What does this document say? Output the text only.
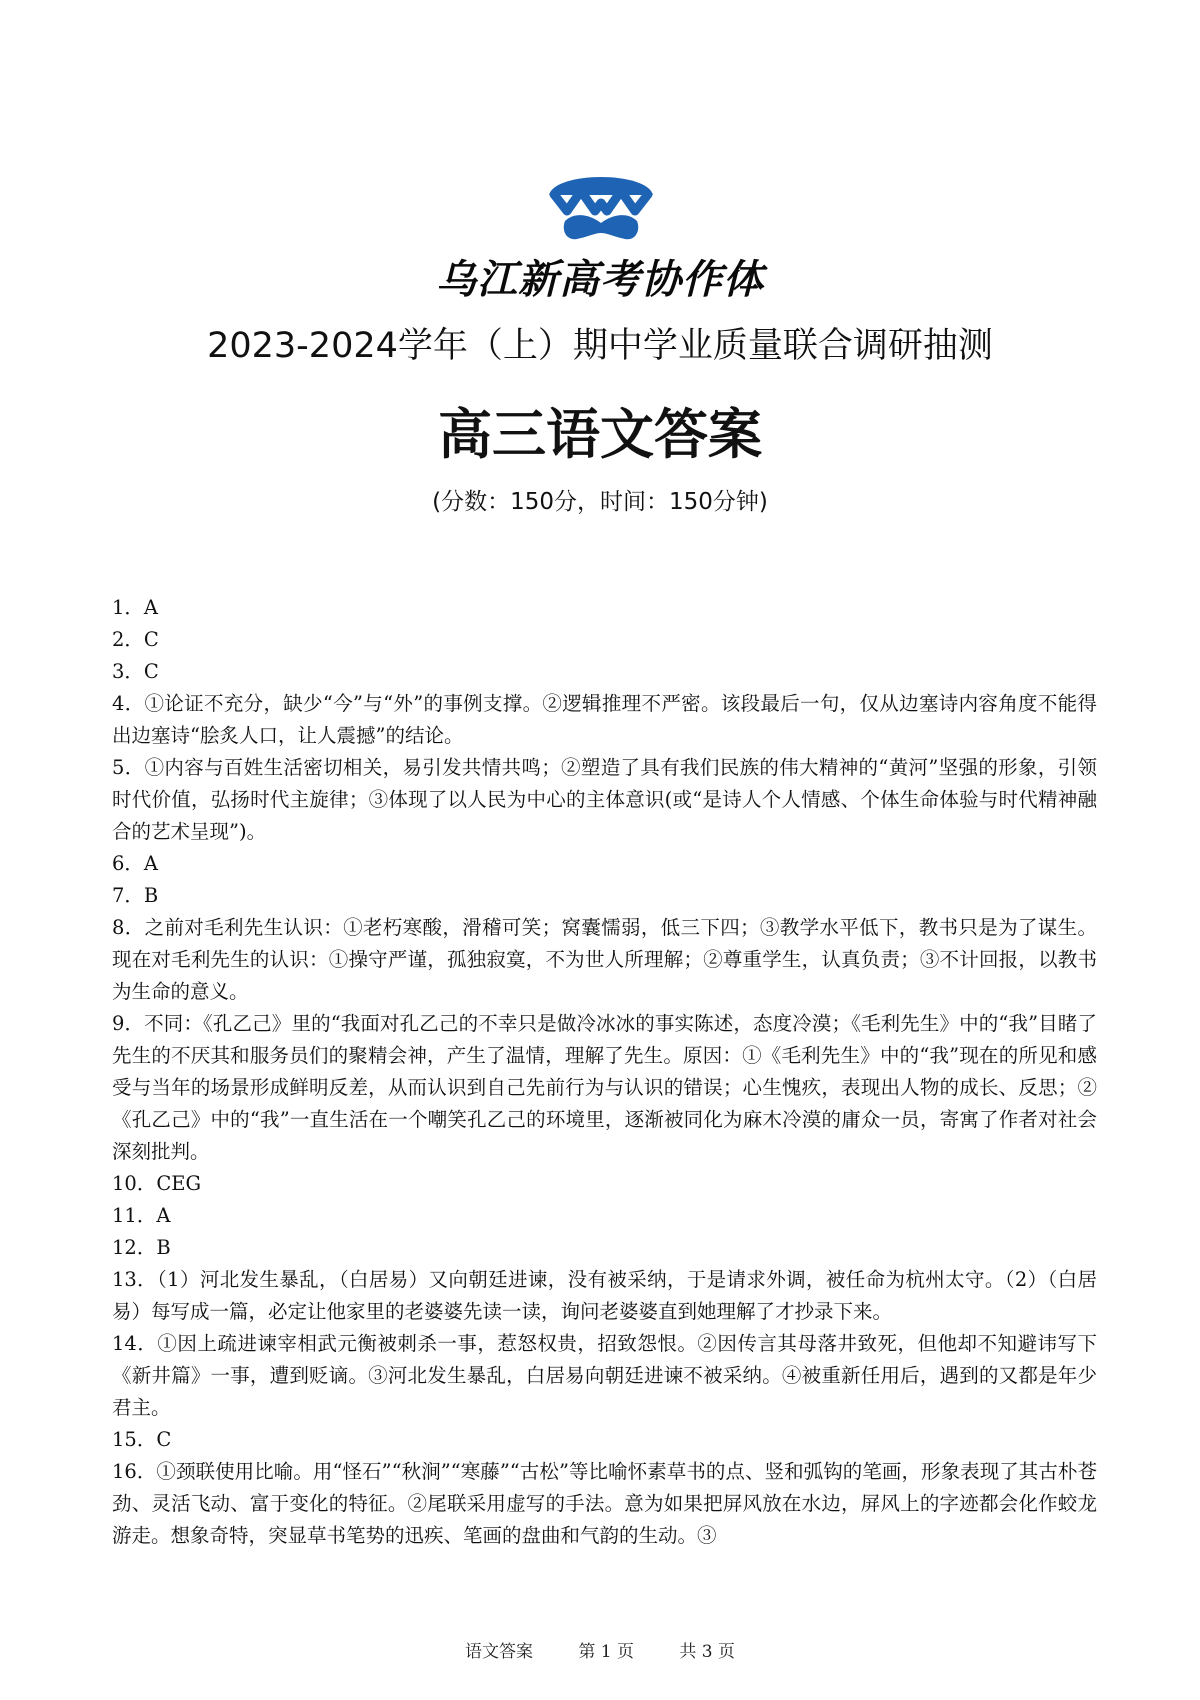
乌江新高考协作体
2023-2024学年（上）期中学业质量联合调研抽测
高三语文答案
(分数：150分，时间：150分钟)

1．A

2．C

3．C

4．①论证不充分，缺少“今”与“外”的事例支撑。②逻辑推理不严密。该段最后一句，仅从边塞诗内容角度不能得出边塞诗“脍炙人口，让人震撼”的结论。

5．①内容与百姓生活密切相关，易引发共情共鸣；②塑造了具有我们民族的伟大精神的“黄河”坚强的形象，引领时代价值，弘扬时代主旋律；③体现了以人民为中心的主体意识(或“是诗人个人情感、个体生命体验与时代精神融合的艺术呈现”)。

6．A

7．B

8．之前对毛利先生认识：①老朽寒酸，滑稽可笑；窝囊懦弱，低三下四；③教学水平低下，教书只是为了谋生。现在对毛利先生的认识：①操守严谨，孤独寂寞，不为世人所理解；②尊重学生，认真负责；③不计回报，以教书为生命的意义。

9．不同：《孔乙己》里的“我面对孔乙己的不幸只是做冷冰冰的事实陈述，态度冷漠；《毛利先生》中的“我”目睹了先生的不厌其和服务员们的聚精会神，产生了温情，理解了先生。原因：①《毛利先生》中的“我”现在的所见和感受与当年的场景形成鲜明反差，从而认识到自己先前行为与认识的错误；心生愧疚，表现出人物的成长、反思；②《孔乙己》中的“我”一直生活在一个嘲笑孔乙己的环境里，逐渐被同化为麻木冷漠的庸众一员，寄寓了作者对社会深刻批判。

10．CEG

11．A

12．B

13．（1）河北发生暴乱，（白居易）又向朝廷进谏，没有被采纳，于是请求外调，被任命为杭州太守。（2）（白居易）每写成一篇，必定让他家里的老婆婆先读一读，询问老婆婆直到她理解了才抄录下来。

14．①因上疏进谏宰相武元衡被刺杀一事，惹怒权贵，招致怨恨。②因传言其母落井致死，但他却不知避讳写下《新井篇》一事，遭到贬谪。③河北发生暴乱，白居易向朝廷进谏不被采纳。④被重新任用后，遇到的又都是年少君主。

15．C

16．①颈联使用比喻。用“怪石”“秋涧”“寒藤”“古松”等比喻怀素草书的点、竖和弧钩的笔画，形象表现了其古朴苍劲、灵活飞动、富于变化的特征。②尾联采用虚写的手法。意为如果把屏风放在水边，屏风上的字迹都会化作蛟龙游走。想象奇特，突显草书笔势的迅疾、笔画的盘曲和气韵的生动。③

语文答案	第 1 页	共 3 页
